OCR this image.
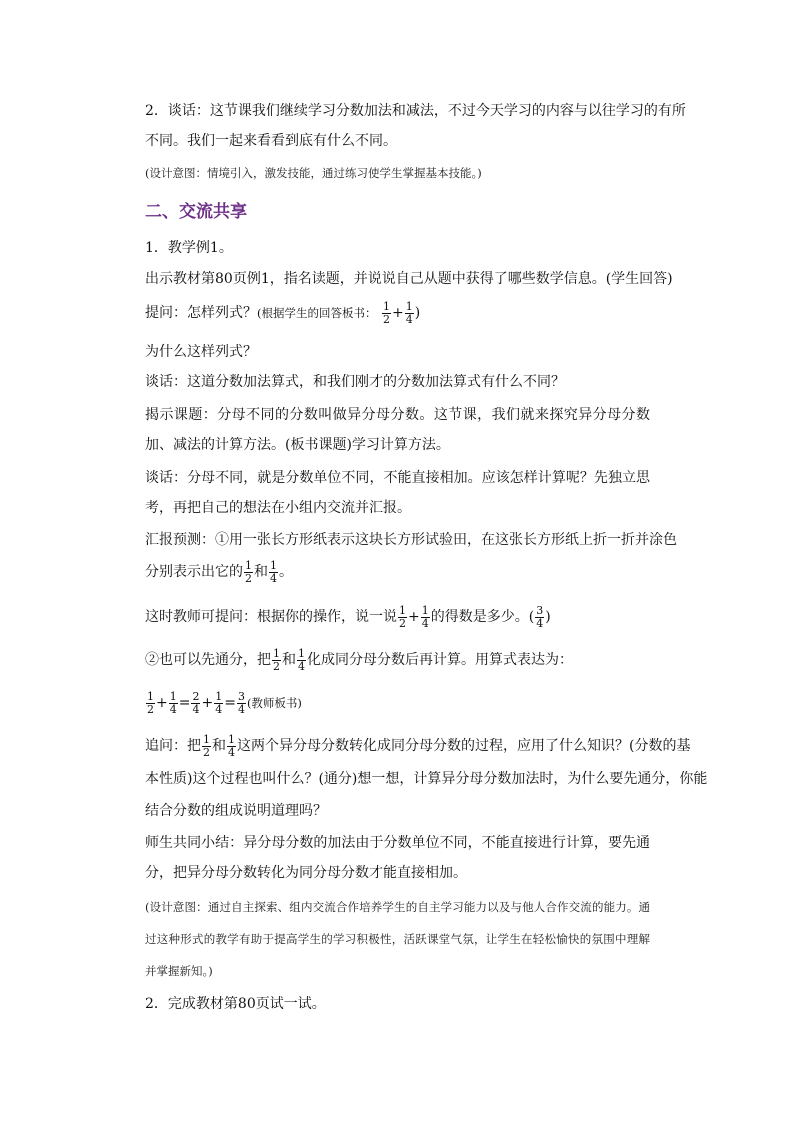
2．谈话：这节课我们继续学习分数加法和减法，不过今天学习的内容与以往学习的有所
不同。我们一起来看看到底有什么不同。
(设计意图：情境引入，激发技能，通过练习使学生掌握基本技能。)
二、交流共享
1．教学例1。
出示教材第80页例1，指名读题，并说说自己从题中获得了哪些数学信息。(学生回答)
提问：怎样列式？(根据学生的回答板书： $\frac{1}{2} + \frac{1}{4}$ )
为什么这样列式？
谈话：这道分数加法算式，和我们刚才的分数加法算式有什么不同？
揭示课题：分母不同的分数叫做异分母分数。这节课，我们就来探究异分母分数加、减法的计算方法。(板书课题)学习计算方法。
谈话：分母不同，就是分数单位不同，不能直接相加。应该怎样计算呢？先独立思考，再把自己的想法在小组内交流并汇报。
汇报预测：①用一张长方形纸表示这块长方形试验田，在这张长方形纸上折一折并涂色
分别表示出它的 $\frac{1}{2}$ 和 $\frac{1}{4}$ 。
这时教师可提问：根据你的操作，说一说 $\frac{1}{2} + \frac{1}{4}$ 的得数是多少。( $\frac{3}{4}$ )
②也可以先通分，把 $\frac{1}{2}$ 和 $\frac{1}{4}$ 化成同分母分数后再计算。用算式表达为：
$\frac{1}{2} + \frac{1}{4} = \frac{2}{4} + \frac{1}{4} = \frac{3}{4}$ (教师板书)
追问：把 $\frac{1}{2}$ 和 $\frac{1}{4}$ 这两个异分母分数转化成同分母分数的过程，应用了什么知识？(分数的基
本性质)这个过程也叫什么？(通分)想一想，计算异分母分数加法时，为什么要先通分，你能
结合分数的组成说明道理吗？
师生共同小结：异分母分数的加法由于分数单位不同，不能直接进行计算，要先通分，把异分母分数转化为同分母分数才能直接相加。
(设计意图：通过自主探索、组内交流合作培养学生的自主学习能力以及与他人合作交流的能力。通过这种形式的教学有助于提高学生的学习积极性，活跃课堂气氛，让学生在轻松愉快的氛围中理解并掌握新知。)
2．完成教材第80页试一试。
